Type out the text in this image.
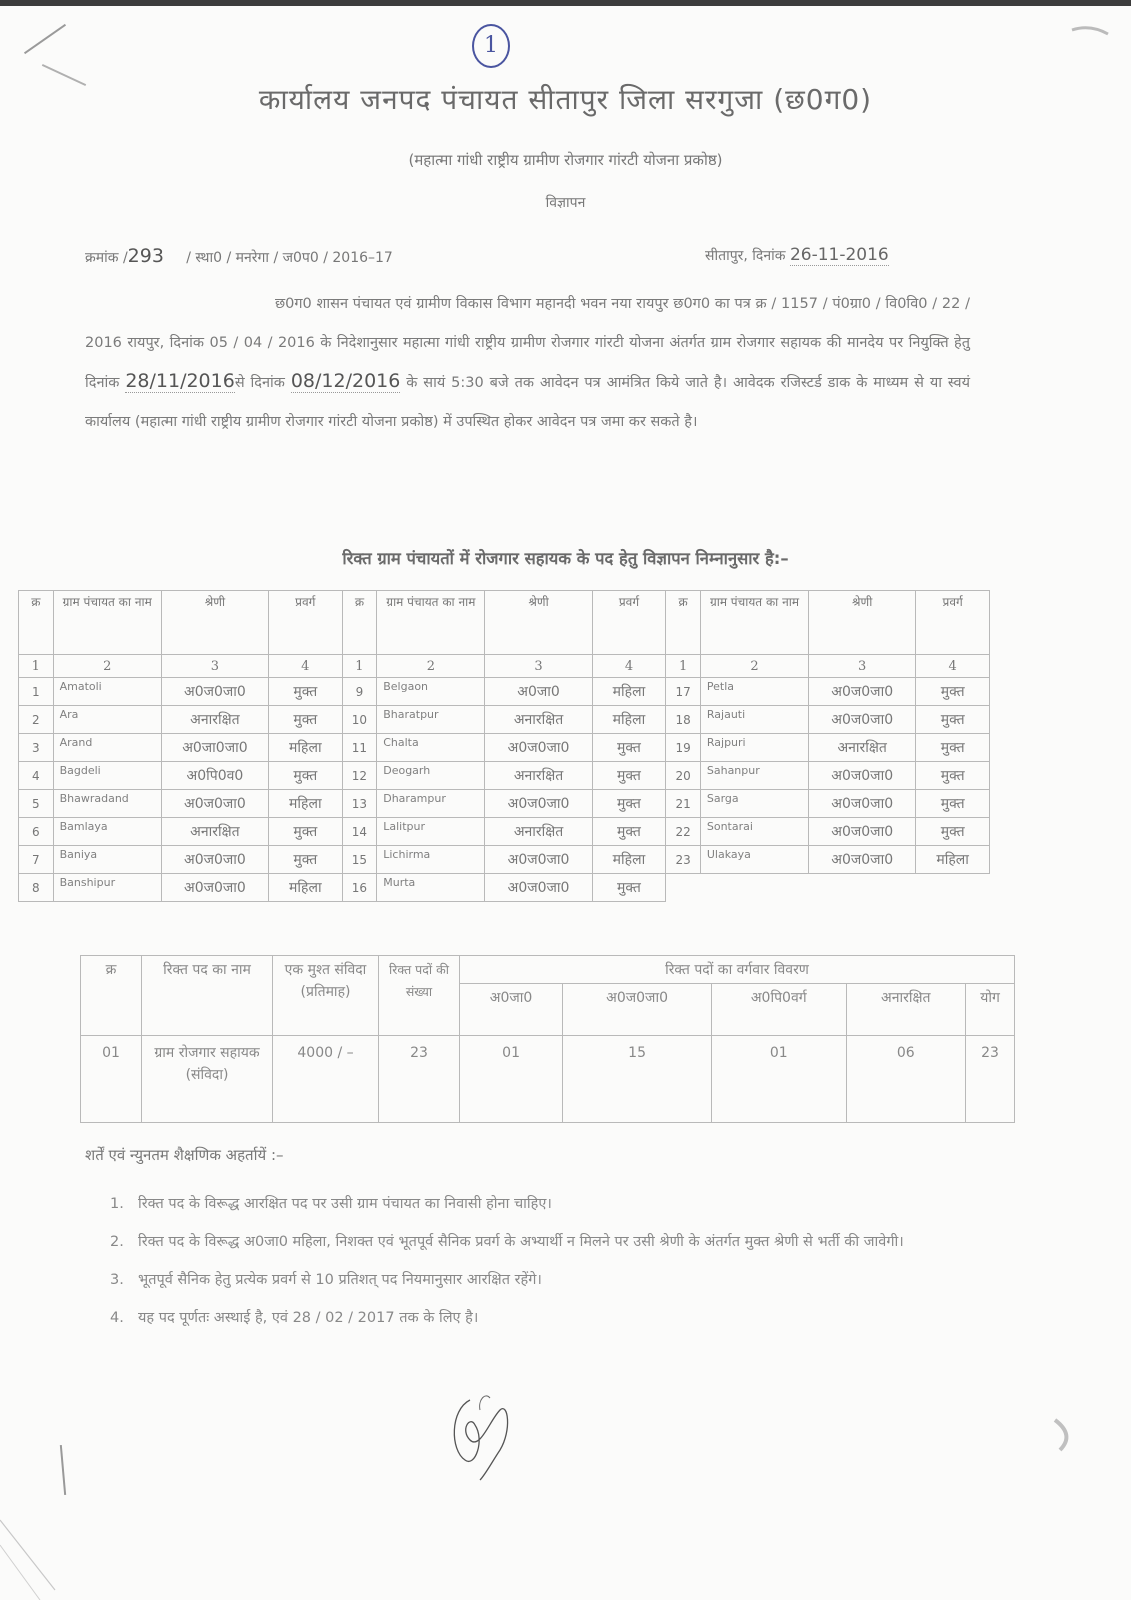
1
कार्यालय जनपद पंचायत सीतापुर जिला सरगुजा (छ0ग0)
(महात्मा गांधी राष्ट्रीय ग्रामीण रोजगार गांरटी योजना प्रकोष्ठ)
विज्ञापन
क्रमांक /293 / स्था0 / मनरेगा / ज0प0 / 2016–17	सीतापुर, दिनांक 26-11-2016
छ0ग0 शासन पंचायत एवं ग्रामीण विकास विभाग महानदी भवन नया रायपुर छ0ग0 का पत्र क्र / 1157 / पं0ग्रा0 / वि0वि0 / 22 / 2016 रायपुर, दिनांक 05 / 04 / 2016 के निदेशानुसार महात्मा गांधी राष्ट्रीय ग्रामीण रोजगार गांरटी योजना अंतर्गत ग्राम रोजगार सहायक की मानदेय पर नियुक्ति हेतु दिनांक 28/11/2016से दिनांक 08/12/2016 के सायं 5:30 बजे तक आवेदन पत्र आमंत्रित किये जाते है। आवेदक रजिस्टर्ड डाक के माध्यम से या स्वयं कार्यालय (महात्मा गांधी राष्ट्रीय ग्रामीण रोजगार गांरटी योजना प्रकोष्ठ) में उपस्थित होकर आवेदन पत्र जमा कर सकते है।
रिक्त ग्राम पंचायतों में रोजगार सहायक के पद हेतु विज्ञापन निम्नानुसार है:–
क्र	ग्राम पंचायत का नाम	श्रेणी	प्रवर्ग	क्र	ग्राम पंचायत का नाम	श्रेणी	प्रवर्ग	क्र	ग्राम पंचायत का नाम	श्रेणी	प्रवर्ग
1	2	3	4	1	2	3	4	1	2	3	4
1	Amatoli	अ0ज0जा0	मुक्त	9	Belgaon	अ0जा0	महिला	17	Petla	अ0ज0जा0	मुक्त
2	Ara	अनारक्षित	मुक्त	10	Bharatpur	अनारक्षित	महिला	18	Rajauti	अ0ज0जा0	मुक्त
3	Arand	अ0जा0जा0	महिला	11	Chalta	अ0ज0जा0	मुक्त	19	Rajpuri	अनारक्षित	मुक्त
4	Bagdeli	अ0पि0व0	मुक्त	12	Deogarh	अनारक्षित	मुक्त	20	Sahanpur	अ0ज0जा0	मुक्त
5	Bhawradand	अ0ज0जा0	महिला	13	Dharampur	अ0ज0जा0	मुक्त	21	Sarga	अ0ज0जा0	मुक्त
6	Bamlaya	अनारक्षित	मुक्त	14	Lalitpur	अनारक्षित	मुक्त	22	Sontarai	अ0ज0जा0	मुक्त
7	Baniya	अ0ज0जा0	मुक्त	15	Lichirma	अ0ज0जा0	महिला	23	Ulakaya	अ0ज0जा0	महिला
8	Banshipur	अ0ज0जा0	महिला	16	Murta	अ0ज0जा0	मुक्त				
क्र	रिक्त पद का नाम	एक मुश्त संविदा (प्रतिमाह)	रिक्त पदों की संख्या	रिक्त पदों का वर्गवार विवरण				
				अ0जा0	अ0ज0जा0	अ0पि0वर्ग	अनारक्षित	योग
01	ग्राम रोजगार सहायक (संविदा)	4000 / –	23	01	15	01	06	23
शर्तें एवं न्युनतम शैक्षणिक अहर्तायें :–
1. रिक्त पद के विरूद्ध आरक्षित पद पर उसी ग्राम पंचायत का निवासी होना चाहिए।
2. रिक्त पद के विरूद्ध अ0जा0 महिला, निशक्त एवं भूतपूर्व सैनिक प्रवर्ग के अभ्यार्थी न मिलने पर उसी श्रेणी के अंतर्गत मुक्त श्रेणी से भर्ती की जावेगी।
3. भूतपूर्व सैनिक हेतु प्रत्येक प्रवर्ग से 10 प्रतिशत् पद नियमानुसार आरक्षित रहेंगे।
4. यह पद पूर्णतः अस्थाई है, एवं 28 / 02 / 2017 तक के लिए है।
